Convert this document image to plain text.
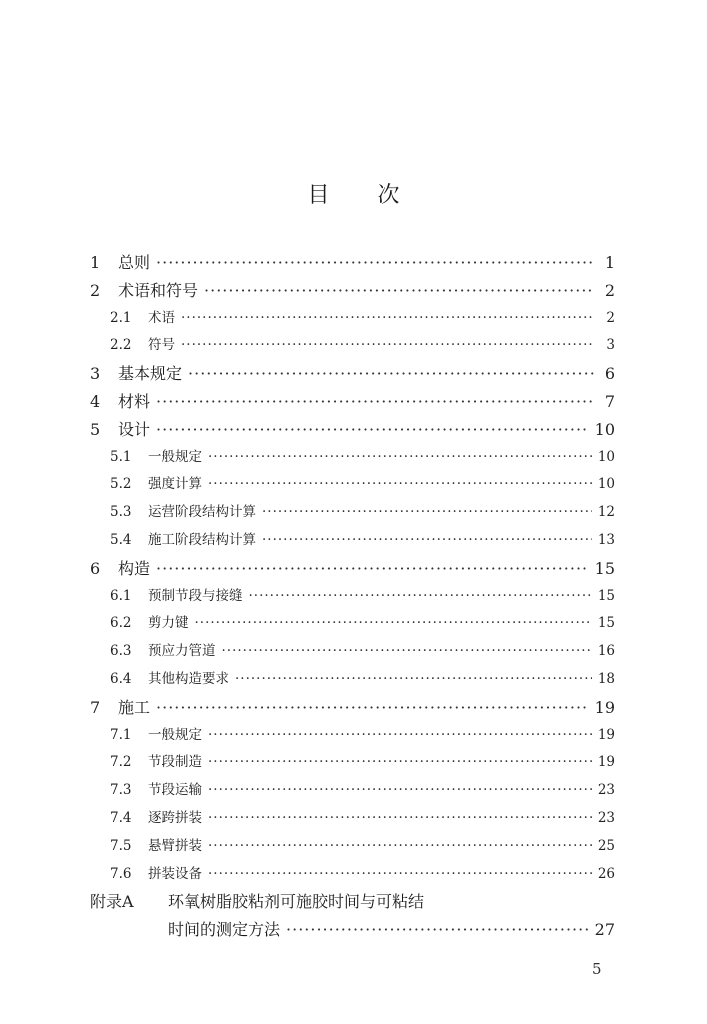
目 次
1	总则 ·····	1
2	术语和符号 ·····	2
2.1	术语 ·····	2
2.2	符号 ·····	3
3	基本规定 ·····	6
4	材料 ·····	7
5	设计 ·····	10
5.1	一般规定 ·····	10
5.2	强度计算 ·····	10
5.3	运营阶段结构计算 ·····	12
5.4	施工阶段结构计算 ·····	13
6	构造 ·····	15
6.1	预制节段与接缝 ·····	15
6.2	剪力键 ·····	15
6.3	预应力管道 ·····	16
6.4	其他构造要求 ·····	18
7	施工 ·····	19
7.1	一般规定 ·····	19
7.2	节段制造 ·····	19
7.3	节段运输 ·····	23
7.4	逐跨拼装 ·····	23
7.5	悬臂拼装 ·····	25
7.6	拼装设备 ·····	26
附录A	环氧树脂胶粘剂可施胶时间与可粘结
时间的测定方法 ·····	27
5
